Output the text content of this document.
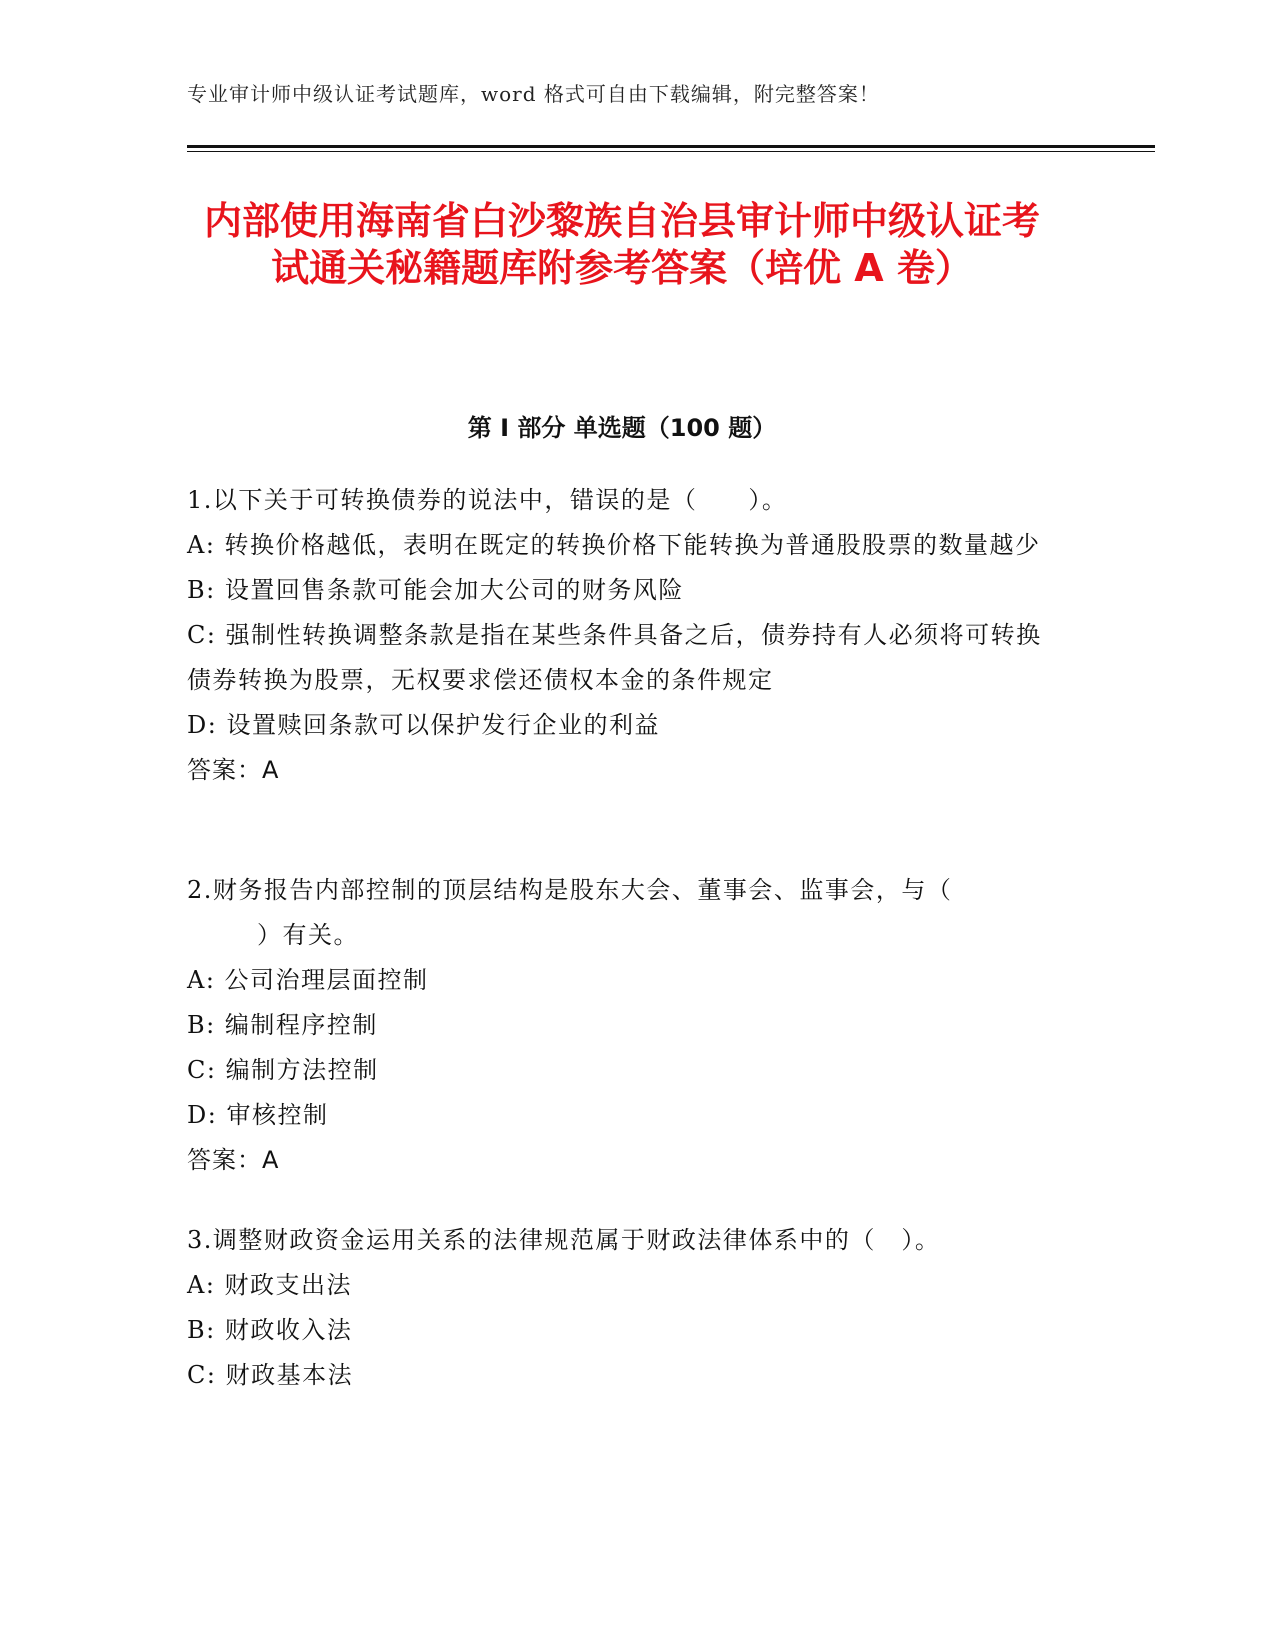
专业审计师中级认证考试题库，word 格式可自由下载编辑，附完整答案！
内部使用海南省白沙黎族自治县审计师中级认证考试通关秘籍题库附参考答案（培优 A 卷）
第 I 部分 单选题（100 题）

1.以下关于可转换债券的说法中，错误的是（　　）。

A: 转换价格越低，表明在既定的转换价格下能转换为普通股股票的数量越少

B: 设置回售条款可能会加大公司的财务风险

C: 强制性转换调整条款是指在某些条件具备之后，债券持有人必须将可转换债券转换为股票，无权要求偿还债权本金的条件规定

D: 设置赎回条款可以保护发行企业的利益

答案：A

2.财务报告内部控制的顶层结构是股东大会、董事会、监事会，与（

）有关。

A: 公司治理层面控制

B: 编制程序控制

C: 编制方法控制

D: 审核控制

答案：A

3.调整财政资金运用关系的法律规范属于财政法律体系中的（　）。

A: 财政支出法

B: 财政收入法

C: 财政基本法
